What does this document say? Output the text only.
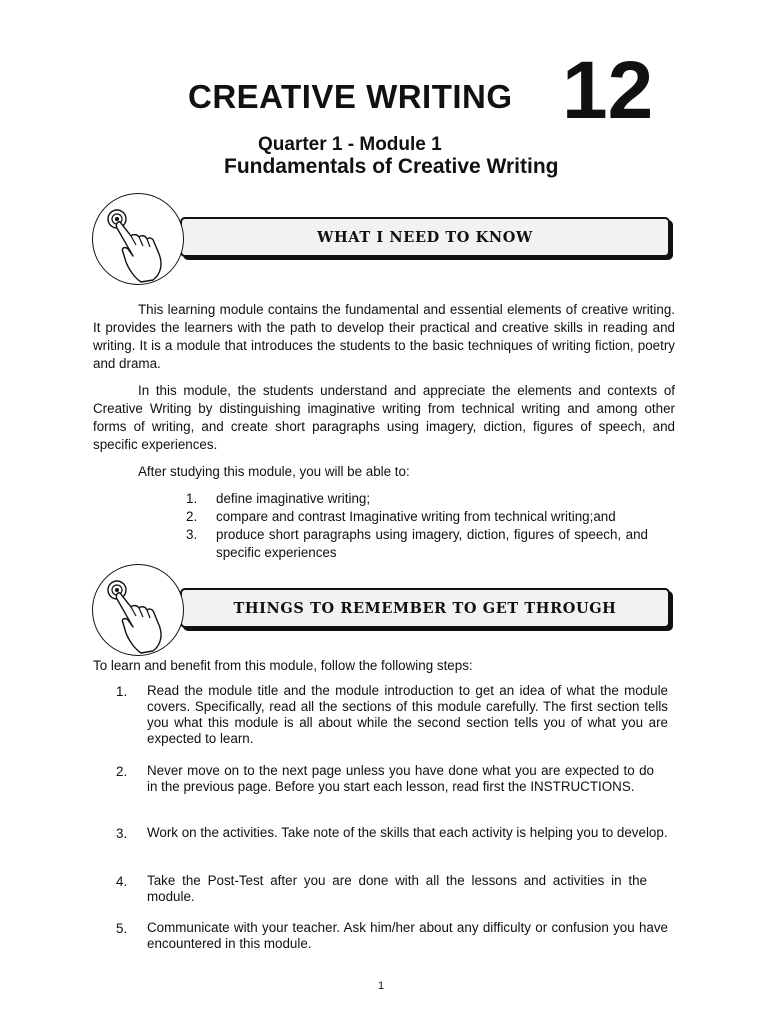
CREATIVE WRITING 12
Quarter 1 - Module 1
Fundamentals of Creative Writing
WHAT I NEED TO KNOW
This learning module contains the fundamental and essential elements of creative writing. It provides the learners with the path to develop their practical and creative skills in reading and writing. It is a module that introduces the students to the basic techniques of writing fiction, poetry and drama.
In this module, the students understand and appreciate the elements and contexts of Creative Writing by distinguishing imaginative writing from technical writing and among other forms of writing, and create short paragraphs using imagery, diction, figures of speech, and specific experiences.
After studying this module, you will be able to:
1. define imaginative writing;
2. compare and contrast Imaginative writing from technical writing;and
3. produce short paragraphs using imagery, diction, figures of speech, and specific experiences
THINGS TO REMEMBER TO GET THROUGH
To learn and benefit from this module, follow the following steps:
1. Read the module title and the module introduction to get an idea of what the module covers. Specifically, read all the sections of this module carefully. The first section tells you what this module is all about while the second section tells you of what you are expected to learn.
2. Never move on to the next page unless you have done what you are expected to do in the previous page. Before you start each lesson, read first the INSTRUCTIONS.
3. Work on the activities. Take note of the skills that each activity is helping you to develop.
4. Take the Post-Test after you are done with all the lessons and activities in the module.
5. Communicate with your teacher. Ask him/her about any difficulty or confusion you have encountered in this module.
1
